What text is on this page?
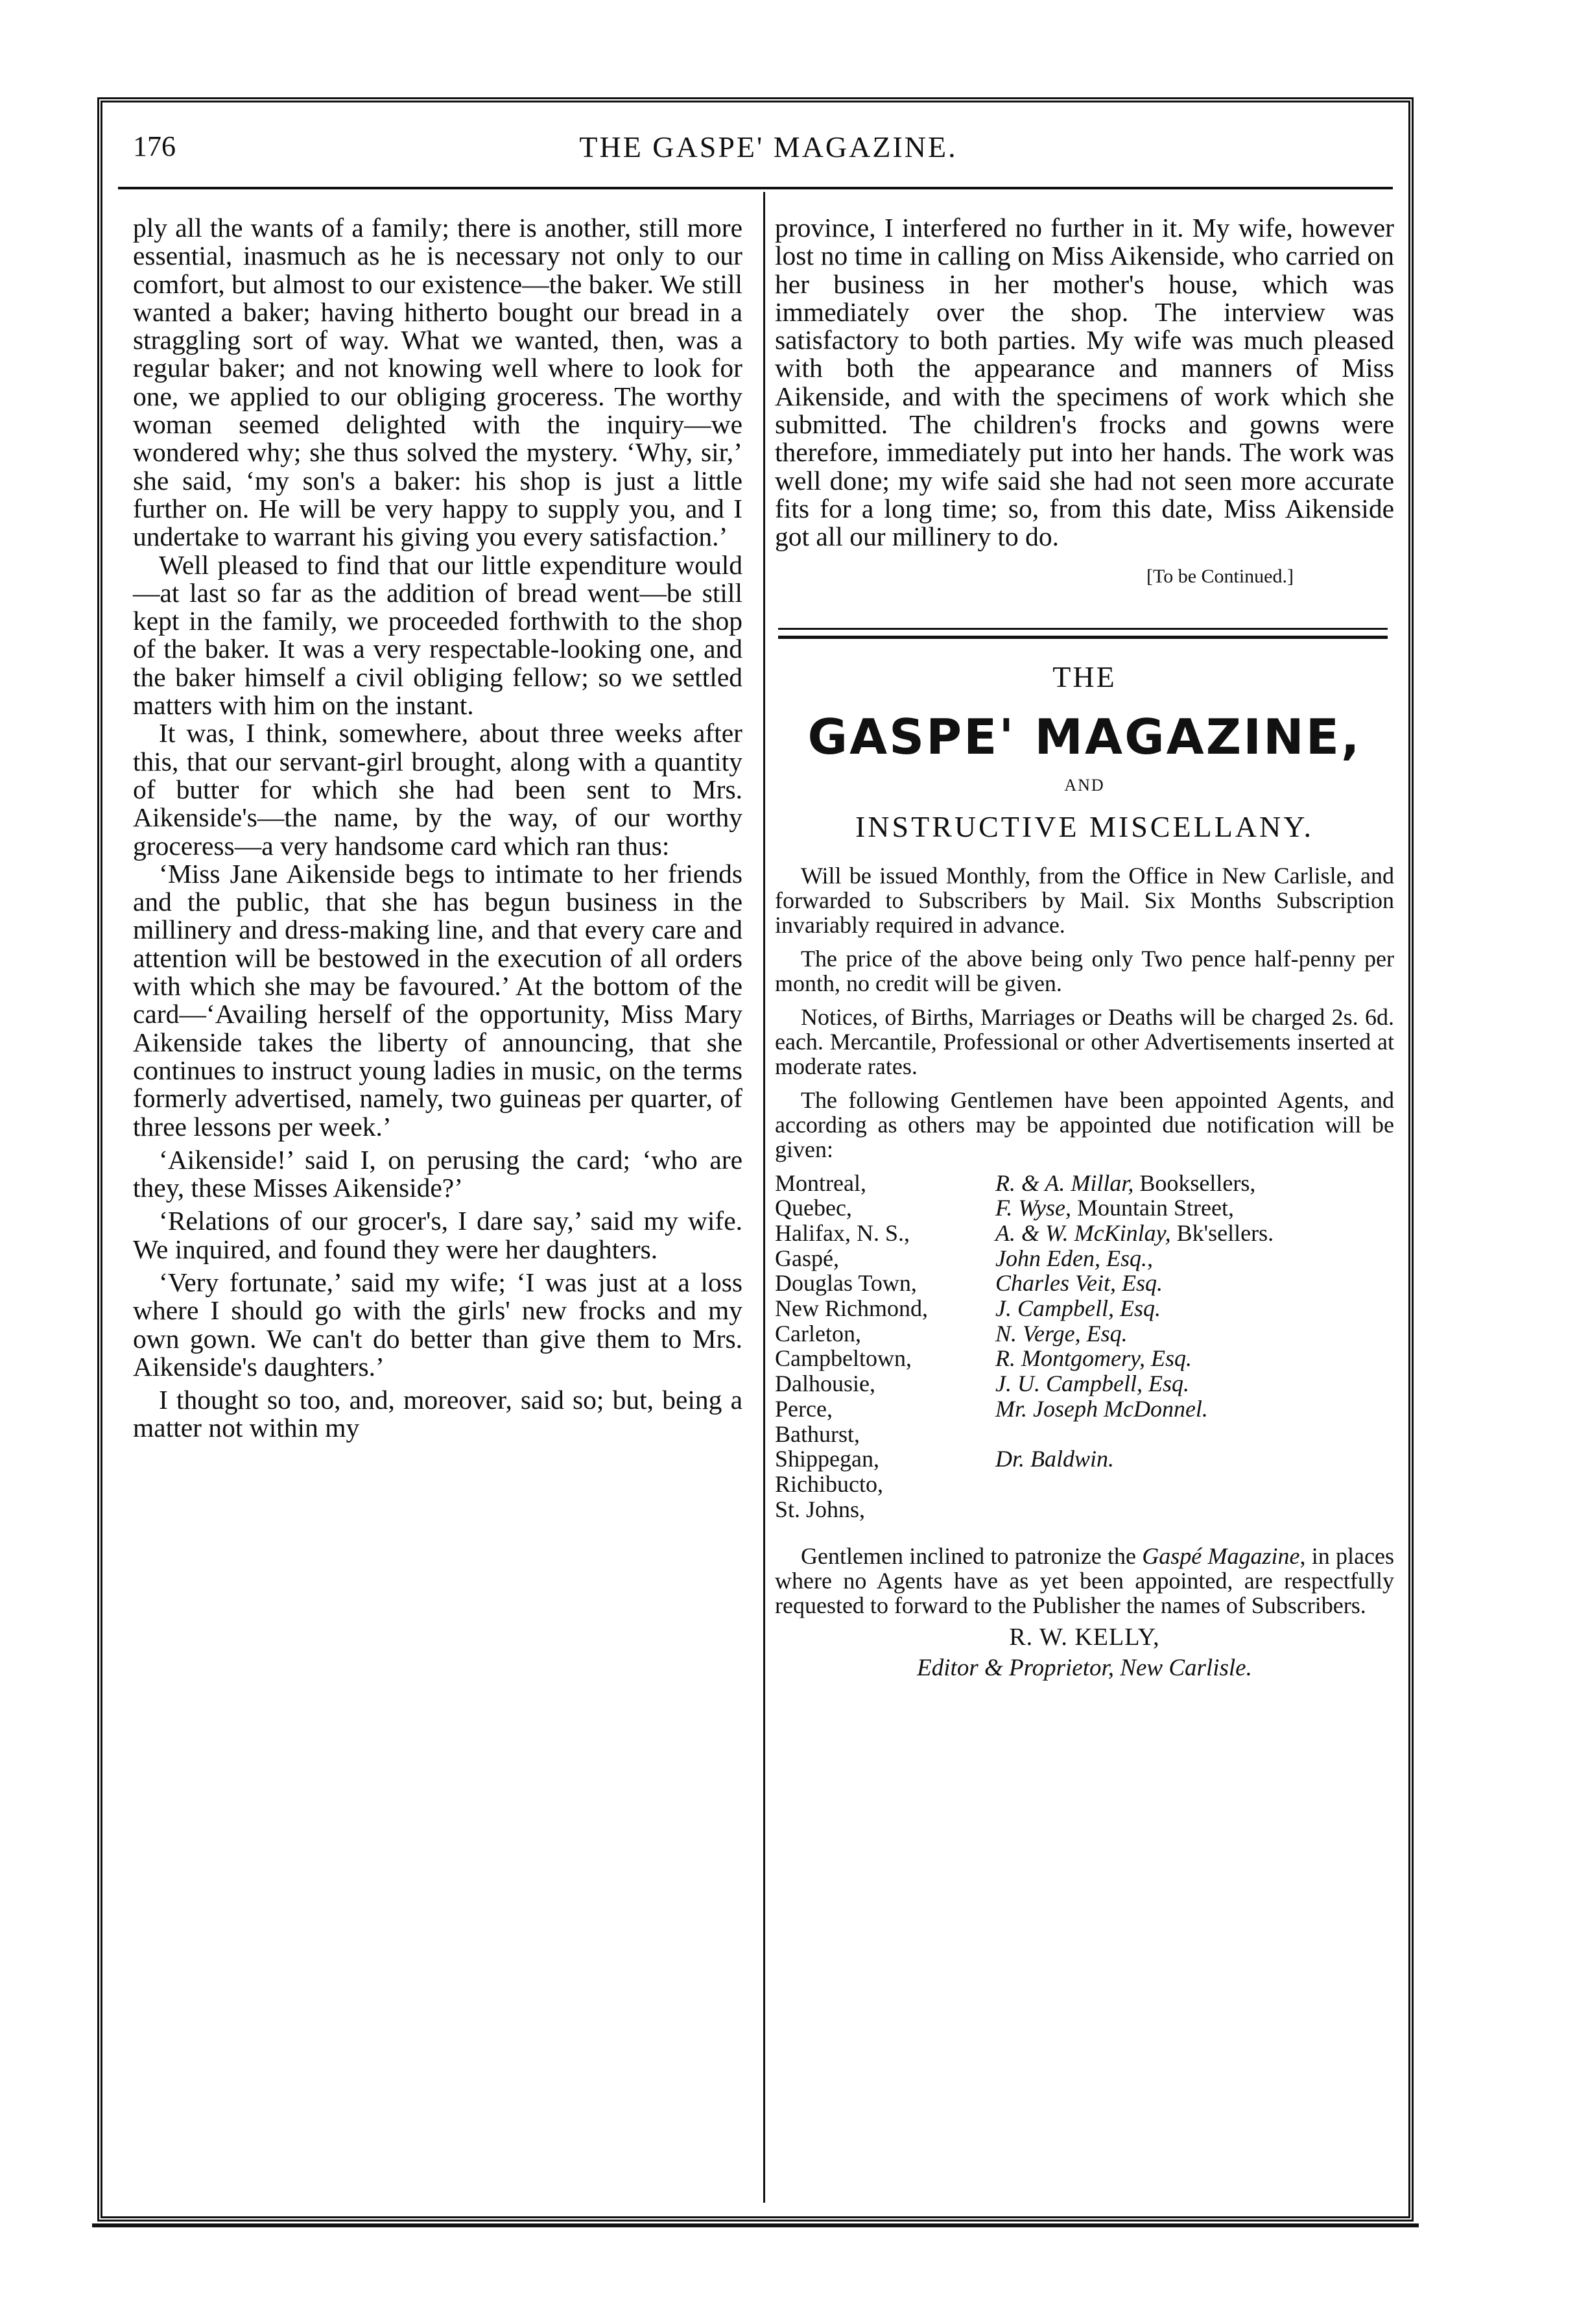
THE GASPE' MAGAZINE.
176

ply all the wants of a family; there is another, still more essential, inasmuch as he is necessary not only to our comfort, but almost to our existence—the baker. We still wanted a baker; having hitherto bought our bread in a straggling sort of way. What we wanted, then, was a regular baker; and not knowing well where to look for one, we applied to our obliging groceress. The worthy woman seemed delighted with the inquiry—we wondered why; she thus solved the mystery. ‘Why, sir,’ she said, ‘my son's a baker: his shop is just a little further on. He will be very happy to supply you, and I undertake to warrant his giving you every satisfaction.’

Well pleased to find that our little expenditure would—at last so far as the addition of bread went—be still kept in the family, we proceeded forthwith to the shop of the baker. It was a very respectable-looking one, and the baker himself a civil obliging fellow; so we settled matters with him on the instant.

It was, I think, somewhere, about three weeks after this, that our servant-girl brought, along with a quantity of butter for which she had been sent to Mrs. Aikenside's—the name, by the way, of our worthy groceress—a very handsome card which ran thus:

‘Miss Jane Aikenside begs to intimate to her friends and the public, that she has begun business in the millinery and dress-making line, and that every care and attention will be bestowed in the execution of all orders with which she may be favoured.’ At the bottom of the card—‘Availing herself of the opportunity, Miss Mary Aikenside takes the liberty of announcing, that she continues to instruct young ladies in music, on the terms formerly advertised, namely, two guineas per quarter, of three lessons per week.’

‘Aikenside!’ said I, on perusing the card; ‘who are they, these Misses Aikenside?’

‘Relations of our grocer's, I dare say,’ said my wife. We inquired, and found they were her daughters.

‘Very fortunate,’ said my wife; ‘I was just at a loss where I should go with the girls' new frocks and my own gown. We can't do better than give them to Mrs. Aikenside's daughters.’

I thought so too, and, moreover, said so; but, being a matter not within my

province, I interfered no further in it. My wife, however lost no time in calling on Miss Aikenside, who carried on her business in her mother's house, which was immediately over the shop. The interview was satisfactory to both parties. My wife was much pleased with both the appearance and manners of Miss Aikenside, and with the specimens of work which she submitted. The children's frocks and gowns were therefore, immediately put into her hands. The work was well done; my wife said she had not seen more accurate fits for a long time; so, from this date, Miss Aikenside got all our millinery to do.

[To be Continued.]
THE
GASPE' MAGAZINE,
AND
INSTRUCTIVE MISCELLANY.

Will be issued Monthly, from the Office in New Carlisle, and forwarded to Subscribers by Mail. Six Months Subscription invariably required in advance.

The price of the above being only Two pence half-penny per month, no credit will be given.

Notices, of Births, Marriages or Deaths will be charged 2s. 6d. each. Mercantile, Professional or other Advertisements inserted at moderate rates.

The following Gentlemen have been appointed Agents, and according as others may be appointed due notification will be given:

Montreal,	R. & A. Millar, Booksellers,
Quebec,	F. Wyse, Mountain Street,
Halifax, N. S.,	A. & W. McKinlay, Bk'sellers.
Gaspé,	John Eden, Esq.,
Douglas Town,	Charles Veit, Esq.
New Richmond,	J. Campbell, Esq.
Carleton,	N. Verge, Esq.
Campbeltown,	R. Montgomery, Esq.
Dalhousie,	J. U. Campbell, Esq.
Perce,	Mr. Joseph McDonnel.
Bathurst,
Shippegan,	Dr. Baldwin.
Richibucto,
St. Johns,

Gentlemen inclined to patronize the Gaspé Magazine, in places where no Agents have as yet been appointed, are respectfully requested to forward to the Publisher the names of Subscribers.

R. W. KELLY,
Editor & Proprietor, New Carlisle.
